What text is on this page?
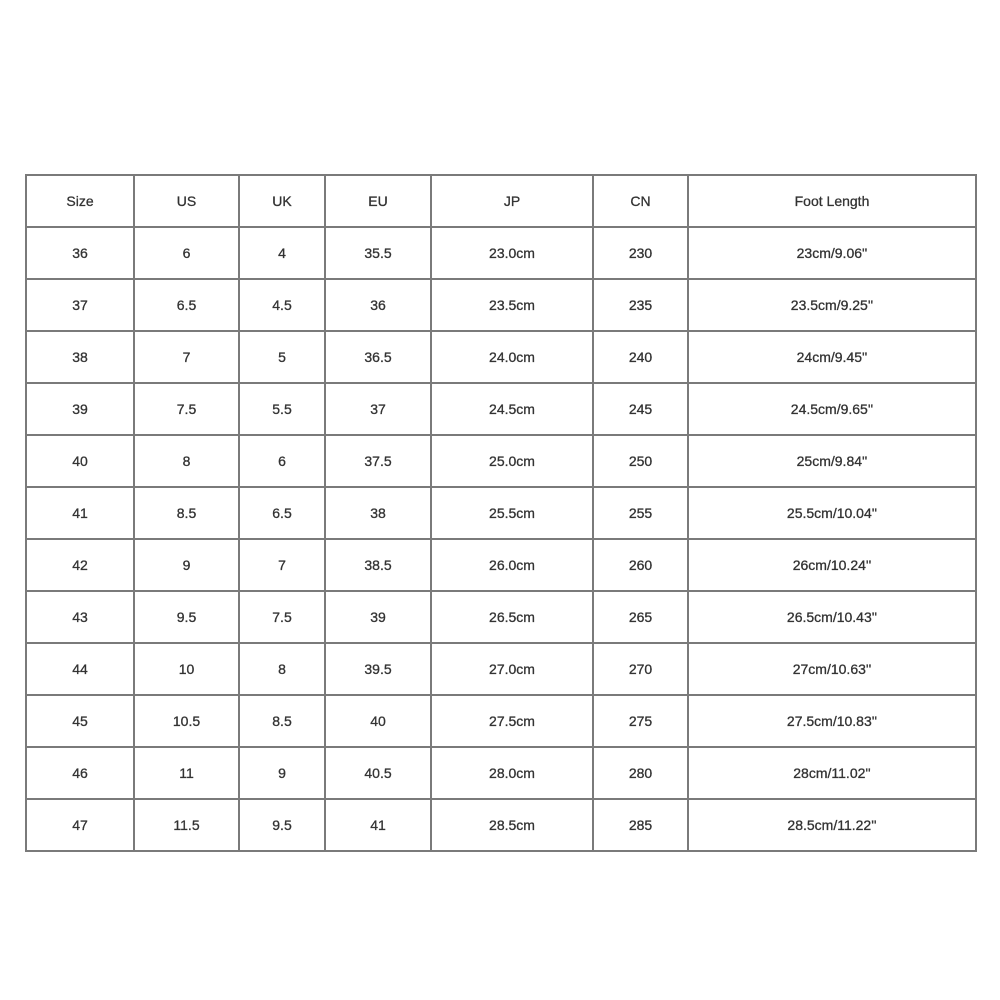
Size	US	UK	EU	JP	CN	Foot Length
36	6	4	35.5	23.0cm	230	23cm/9.06''
37	6.5	4.5	36	23.5cm	235	23.5cm/9.25''
38	7	5	36.5	24.0cm	240	24cm/9.45''
39	7.5	5.5	37	24.5cm	245	24.5cm/9.65''
40	8	6	37.5	25.0cm	250	25cm/9.84''
41	8.5	6.5	38	25.5cm	255	25.5cm/10.04''
42	9	7	38.5	26.0cm	260	26cm/10.24''
43	9.5	7.5	39	26.5cm	265	26.5cm/10.43''
44	10	8	39.5	27.0cm	270	27cm/10.63''
45	10.5	8.5	40	27.5cm	275	27.5cm/10.83''
46	11	9	40.5	28.0cm	280	28cm/11.02''
47	11.5	9.5	41	28.5cm	285	28.5cm/11.22''
